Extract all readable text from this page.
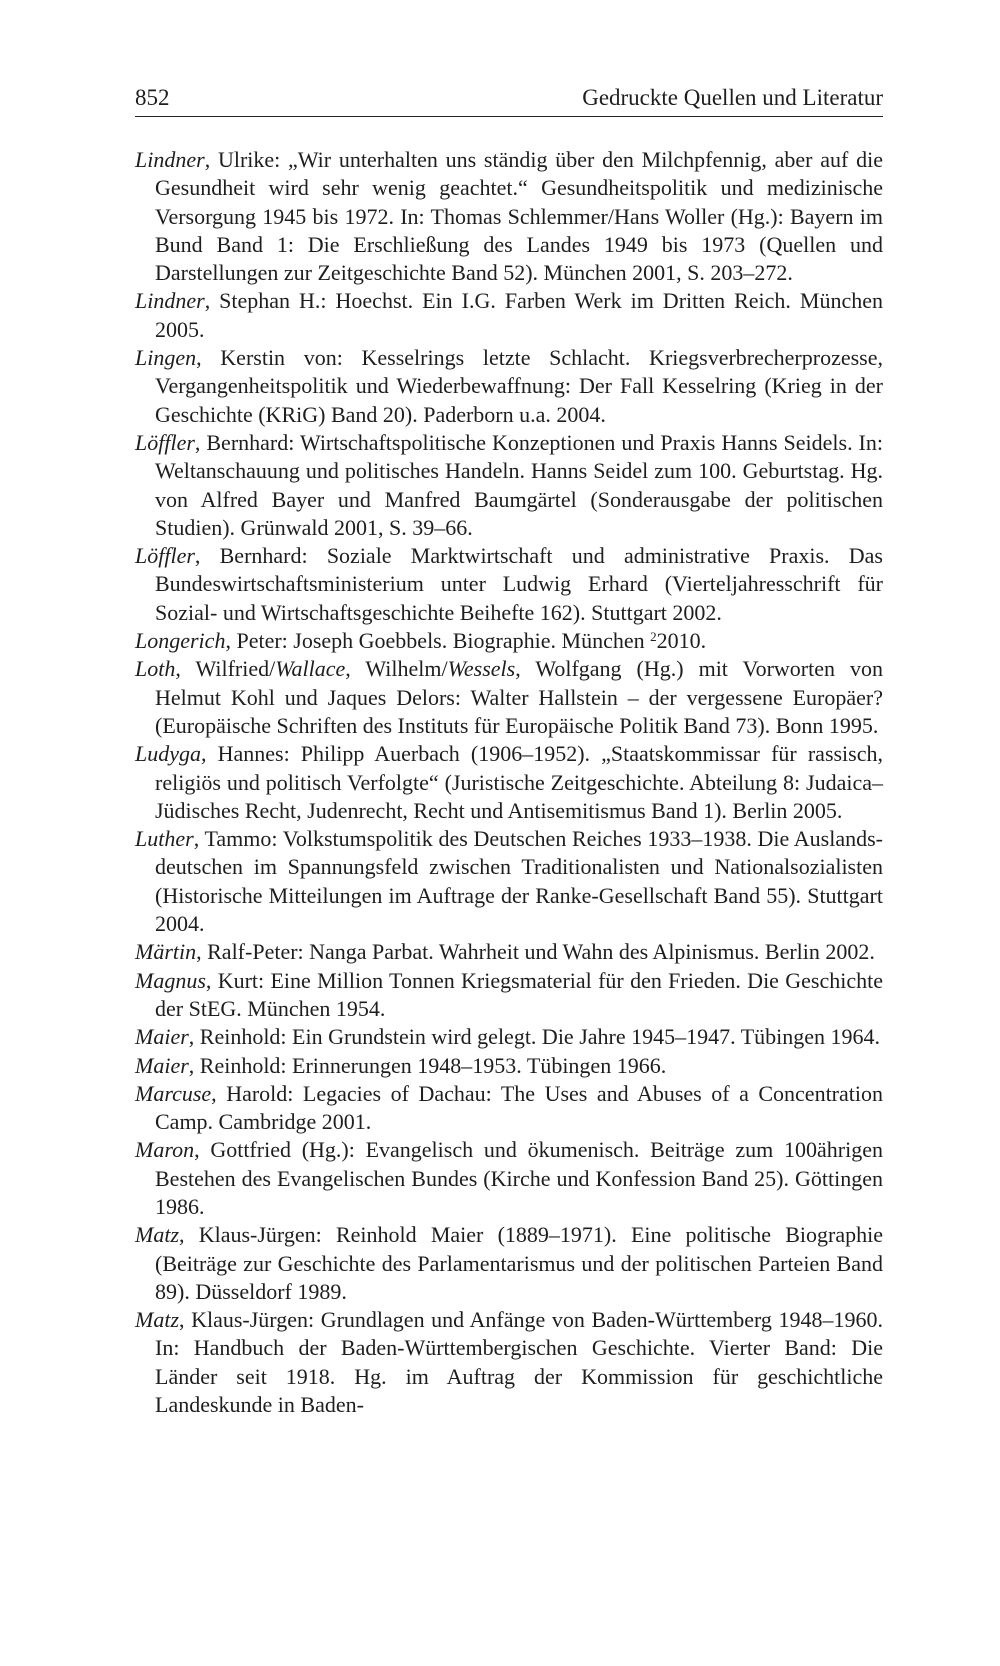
852	Gedruckte Quellen und Literatur
Lindner, Ulrike: „Wir unterhalten uns ständig über den Milchpfennig, aber auf die Gesundheit wird sehr wenig geachtet.“ Gesundheitspolitik und medizinische Versorgung 1945 bis 1972. In: Thomas Schlemmer/Hans Woller (Hg.): Bayern im Bund Band 1: Die Erschließung des Landes 1949 bis 1973 (Quellen und Darstellungen zur Zeitgeschichte Band 52). München 2001, S. 203–272.
Lindner, Stephan H.: Hoechst. Ein I.G. Farben Werk im Dritten Reich. München 2005.
Lingen, Kerstin von: Kesselrings letzte Schlacht. Kriegsverbrecherprozesse, Vergangenheitspolitik und Wiederbewaffnung: Der Fall Kesselring (Krieg in der Geschichte (KRiG) Band 20). Paderborn u.a. 2004.
Löffler, Bernhard: Wirtschaftspolitische Konzeptionen und Praxis Hanns Seidels. In: Weltanschauung und politisches Handeln. Hanns Seidel zum 100. Geburtstag. Hg. von Alfred Bayer und Manfred Baumgärtel (Sonderausgabe der politischen Studien). Grünwald 2001, S. 39–66.
Löffler, Bernhard: Soziale Marktwirtschaft und administrative Praxis. Das Bundeswirtschaftsministerium unter Ludwig Erhard (Vierteljahresschrift für Sozial- und Wirtschaftsgeschichte Beihefte 162). Stuttgart 2002.
Longerich, Peter: Joseph Goebbels. Biographie. München $^2$2010.
Loth, Wilfried/Wallace, Wilhelm/Wessels, Wolfgang (Hg.) mit Vorworten von Helmut Kohl und Jaques Delors: Walter Hallstein – der vergessene Europäer? (Europäische Schriften des Instituts für Europäische Politik Band 73). Bonn 1995.
Ludyga, Hannes: Philipp Auerbach (1906–1952). „Staatskommissar für rassisch, religiös und politisch Verfolgte“ (Juristische Zeitgeschichte. Abteilung 8: Judaica–Jüdisches Recht, Judenrecht, Recht und Antisemitismus Band 1). Berlin 2005.
Luther, Tammo: Volkstumspolitik des Deutschen Reiches 1933–1938. Die Auslandsdeutschen im Spannungsfeld zwischen Traditionalisten und Nationalsozialisten (Historische Mitteilungen im Auftrage der Ranke-Gesellschaft Band 55). Stuttgart 2004.
Märtin, Ralf-Peter: Nanga Parbat. Wahrheit und Wahn des Alpinismus. Berlin 2002.
Magnus, Kurt: Eine Million Tonnen Kriegsmaterial für den Frieden. Die Geschichte der StEG. München 1954.
Maier, Reinhold: Ein Grundstein wird gelegt. Die Jahre 1945–1947. Tübingen 1964.
Maier, Reinhold: Erinnerungen 1948–1953. Tübingen 1966.
Marcuse, Harold: Legacies of Dachau: The Uses and Abuses of a Concentration Camp. Cambridge 2001.
Maron, Gottfried (Hg.): Evangelisch und ökumenisch. Beiträge zum 100ährigen Bestehen des Evangelischen Bundes (Kirche und Konfession Band 25). Göttingen 1986.
Matz, Klaus-Jürgen: Reinhold Maier (1889–1971). Eine politische Biographie (Beiträge zur Geschichte des Parlamentarismus und der politischen Parteien Band 89). Düsseldorf 1989.
Matz, Klaus-Jürgen: Grundlagen und Anfänge von Baden-Württemberg 1948–1960. In: Handbuch der Baden-Württembergischen Geschichte. Vierter Band: Die Länder seit 1918. Hg. im Auftrag der Kommission für geschichtliche Landeskunde in Baden-
